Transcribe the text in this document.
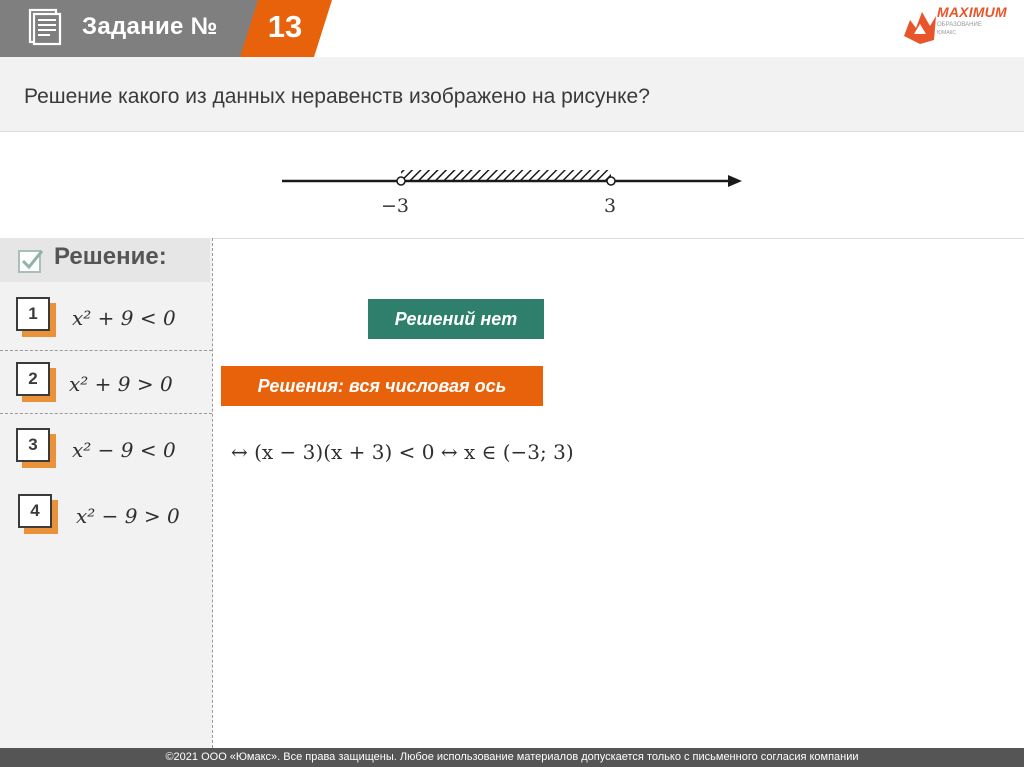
Задание №	13	MAXIMUM
ОБРАЗОВАНИЕ
ЮМАКС
Решение какого из данных неравенств изображено на рисунке?
−3	3
Решение:
1	x² + 9 < 0
2	x² + 9 > 0
3	x² − 9 < 0
4	x² − 9 > 0
Решений нет
Решения: вся числовая ось
↔ (x − 3)(x + 3) < 0 ↔ x ∈ (−3; 3)
©2021 ООО «Юмакс». Все права защищены. Любое использование материалов допускается только с письменного согласия компании
